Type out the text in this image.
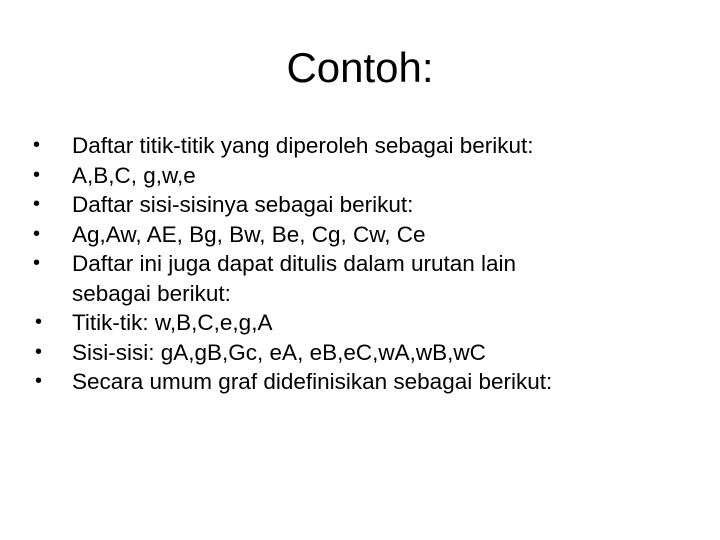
Contoh:
• Daftar titik-titik yang diperoleh sebagai berikut:
• A,B,C, g,w,e
• Daftar sisi-sisinya sebagai berikut:
• Ag,Aw, AE, Bg, Bw, Be, Cg, Cw, Ce
• Daftar ini juga dapat ditulis dalam urutan lain
sebagai berikut:
• Titik-tik: w,B,C,e,g,A
• Sisi-sisi: gA,gB,Gc, eA, eB,eC,wA,wB,wC
• Secara umum graf didefinisikan sebagai berikut:
